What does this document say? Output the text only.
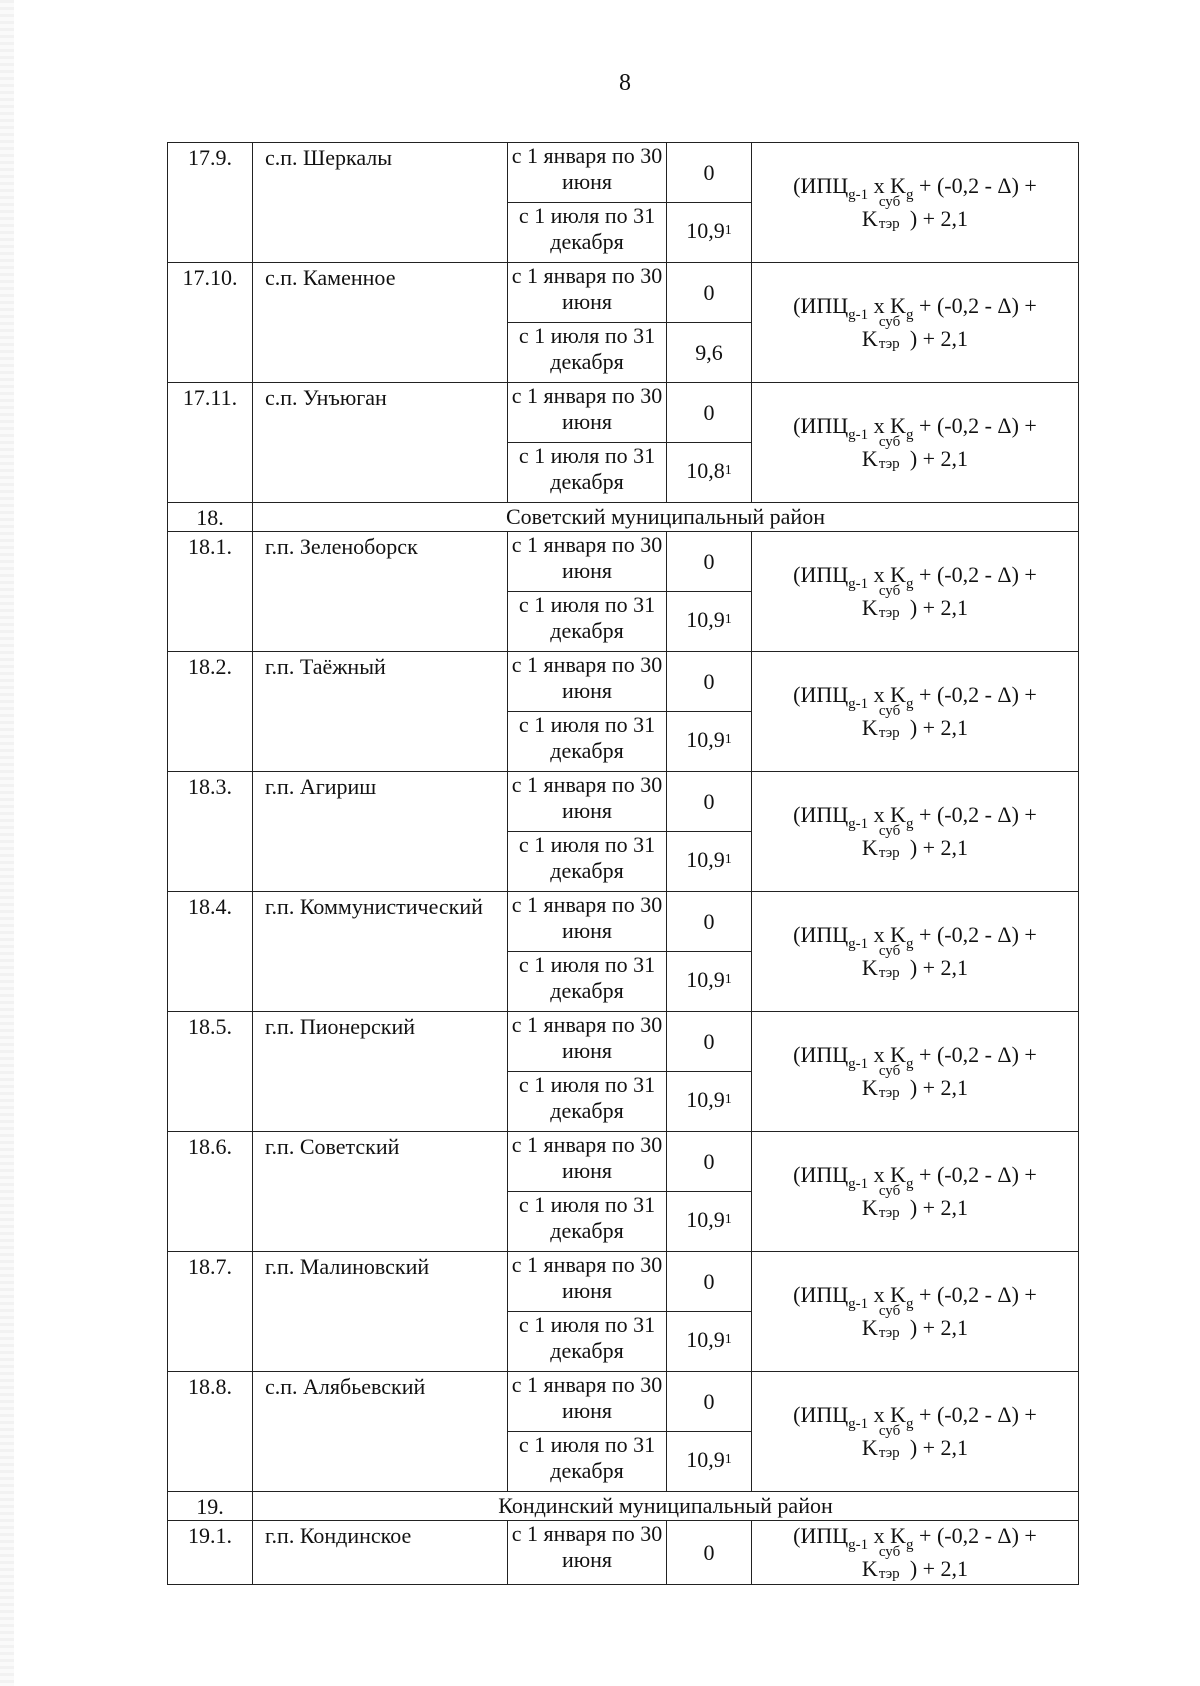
8
17.9.	с.п. Шеркалы	с 1 января по 30 июня	0	($ИПЦ_{g-1}$ x $K_g + (-0,2 - \Delta)$ +
K
суб
тэр ) + 2,1
		с 1 июля по 31 декабря	10,9$^1$
17.10.	с.п. Каменное	с 1 января по 30 июня	0	($ИПЦ_{g-1}$ x $K_g + (-0,2 - \Delta)$ +
K
суб
тэр ) + 2,1
		с 1 июля по 31 декабря	9,6	
17.11.	с.п. Унъюган	с 1 января по 30 июня	0	($ИПЦ_{g-1}$ x $K_g + (-0,2 - \Delta)$ +
K
суб
тэр ) + 2,1
		с 1 июля по 31 декабря	10,8$^1$
18.	Советский муниципальный район			
18.1.	г.п. Зеленоборск	с 1 января по 30 июня	0	($ИПЦ_{g-1}$ x $K_g + (-0,2 - \Delta)$ +
K
суб
тэр ) + 2,1
		с 1 июля по 31 декабря	10,9$^1$
18.2.	г.п. Таёжный	с 1 января по 30 июня	0	($ИПЦ_{g-1}$ x $K_g + (-0,2 - \Delta)$ +
K
суб
тэр ) + 2,1
		с 1 июля по 31 декабря	10,9$^1$
18.3.	г.п. Агириш	с 1 января по 30 июня	0	($ИПЦ_{g-1}$ x $K_g + (-0,2 - \Delta)$ +
K
суб
тэр ) + 2,1
		с 1 июля по 31 декабря	10,9$^1$
18.4.	г.п. Коммунистический	с 1 января по 30 июня	0	($ИПЦ_{g-1}$ x $K_g + (-0,2 - \Delta)$ +
K
суб
тэр ) + 2,1
		с 1 июля по 31 декабря	10,9$^1$
18.5.	г.п. Пионерский	с 1 января по 30 июня	0	($ИПЦ_{g-1}$ x $K_g + (-0,2 - \Delta)$ +
K
суб
тэр ) + 2,1
		с 1 июля по 31 декабря	10,9$^1$
18.6.	г.п. Советский	с 1 января по 30 июня	0	($ИПЦ_{g-1}$ x $K_g + (-0,2 - \Delta)$ +
K
суб
тэр ) + 2,1
		с 1 июля по 31 декабря	10,9$^1$
18.7.	г.п. Малиновский	с 1 января по 30 июня	0	($ИПЦ_{g-1}$ x $K_g + (-0,2 - \Delta)$ +
K
суб
тэр ) + 2,1
		с 1 июля по 31 декабря	10,9$^1$
18.8.	с.п. Алябьевский	с 1 января по 30 июня	0	($ИПЦ_{g-1}$ x $K_g + (-0,2 - \Delta)$ +
K
суб
тэр ) + 2,1
		с 1 июля по 31 декабря	10,9$^1$
19.	Кондинский муниципальный район			
19.1.	г.п. Кондинское	с 1 января по 30 июня	0	($ИПЦ_{g-1}$ x $K_g + (-0,2 - \Delta)$ +
K
суб
тэр ) + 2,1
